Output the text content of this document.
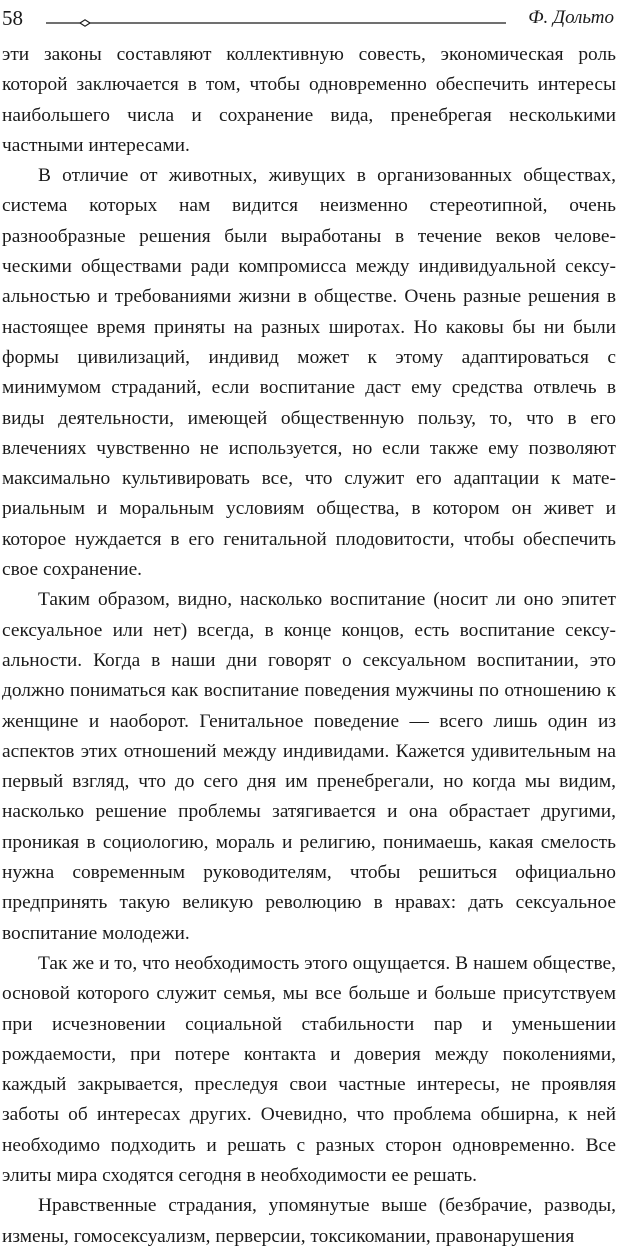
58	Ф. Дольто

эти законы составляют коллективную совесть, экономическая роль которой заключается в том, чтобы одновременно обеспечить интересы наибольшего числа и сохранение вида, пренебрегая несколькими частными интересами.

В отличие от животных, живущих в организованных обществах, система которых нам видится неизменно стереотипной, очень разнообразные решения были выработаны в течение веков человеческими обществами ради компромисса между индивидуальной сексуальностью и требованиями жизни в обществе. Очень разные решения в настоящее время приняты на разных широтах. Но каковы бы ни были формы цивилизаций, индивид может к этому адаптироваться с минимумом страданий, если воспитание даст ему средства отвлечь в виды деятельности, имеющей общественную пользу, то, что в его влечениях чувственно не используется, но если также ему позволяют максимально культивировать все, что служит его адаптации к материальным и моральным условиям общества, в котором он живет и которое нуждается в его генитальной плодовитости, чтобы обеспечить свое сохранение.

Таким образом, видно, насколько воспитание (носит ли оно эпитет сексуальное или нет) всегда, в конце концов, есть воспитание сексуальности. Когда в наши дни говорят о сексуальном воспитании, это должно пониматься как воспитание поведения мужчины по отношению к женщине и наоборот. Генитальное поведение — всего лишь один из аспектов этих отношений между индивидами. Кажется удивительным на первый взгляд, что до сего дня им пренебрегали, но когда мы видим, насколько решение проблемы затягивается и она обрастает другими, проникая в социологию, мораль и религию, понимаешь, какая смелость нужна современным руководителям, чтобы решиться официально предпринять такую великую революцию в нравах: дать сексуальное воспитание молодежи.

Так же и то, что необходимость этого ощущается. В нашем обществе, основой которого служит семья, мы все больше и больше присутствуем при исчезновении социальной стабильности пар и уменьшении рождаемости, при потере контакта и доверия между поколениями, каждый закрывается, преследуя свои частные интересы, не проявляя заботы об интересах других. Очевидно, что проблема обширна, к ней необходимо подходить и решать с разных сторон одновременно. Все элиты мира сходятся сегодня в необходимости ее решать.

Нравственные страдания, упомянутые выше (безбрачие, разводы, измены, гомосексуализм, перверсии, токсикомании, правонарушения
